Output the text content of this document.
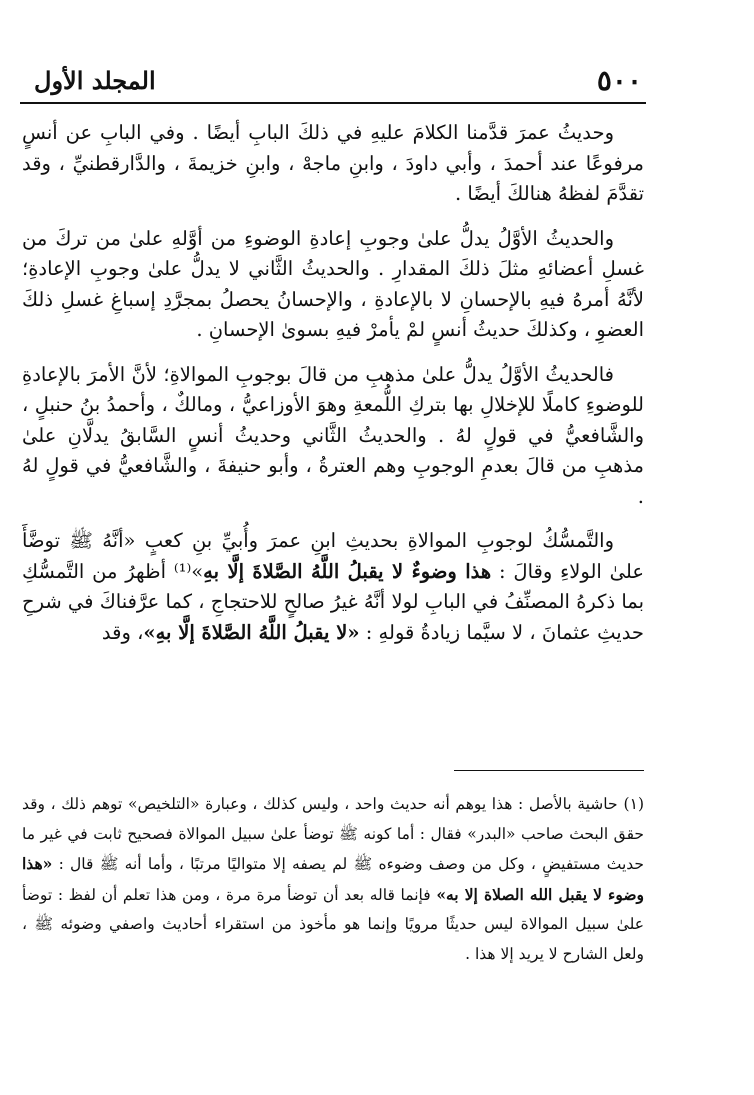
٥٠٠
المجلد الأول

وحديثُ عمرَ قدَّمنا الكلامَ عليهِ في ذلكَ البابِ أيضًا . وفي البابِ عن أنسٍ مرفوعًا عند أحمدَ ، وأبي داودَ ، وابنِ ماجهْ ، وابنِ خزيمةَ ، والدَّارقطنيِّ ، وقد تقدَّمَ لفظهُ هنالكَ أيضًا .

والحديثُ الأوَّلُ يدلُّ علىٰ وجوبِ إعادةِ الوضوءِ من أوَّلهِ علىٰ من تركَ من غسلِ أعضائهِ مثلَ ذلكَ المقدارِ . والحديثُ الثَّاني لا يدلُّ علىٰ وجوبِ الإعادةِ؛ لأنَّهُ أمرهُ فيهِ بالإحسانِ لا بالإعادةِ ، والإحسانُ يحصلُ بمجرَّدِ إسباغِ غسلِ ذلكَ العضوِ ، وكذلكَ حديثُ أنسٍ لمْ يأمرْ فيهِ بسوىٰ الإحسانِ .

فالحديثُ الأوَّلُ يدلُّ علىٰ مذهبِ من قالَ بوجوبِ الموالاةِ؛ لأنَّ الأمرَ بالإعادةِ للوضوءِ كاملًا للإخلالِ بها بتركِ اللُّمعةِ وهوَ الأوزاعيُّ ، ومالكٌ ، وأحمدُ بنُ حنبلٍ ، والشَّافعيُّ في قولٍ لهُ . والحديثُ الثَّاني وحديثُ أنسٍ السَّابقُ يدلَّانِ علىٰ مذهبِ من قالَ بعدمِ الوجوبِ وهم العترةُ ، وأبو حنيفةَ ، والشَّافعيُّ في قولٍ لهُ .

والتَّمسُّكُ لوجوبِ الموالاةِ بحديثِ ابنِ عمرَ وأُبيِّ بنِ كعبٍ «أنَّهُ ﷺ توضَّأَ علىٰ الولاءِ وقالَ : هذا وضوءٌ لا يقبلُ اللَّهُ الصَّلاةَ إلَّا بهِ»⁽¹⁾ أظهرُ من التَّمسُّكِ بما ذكرهُ المصنِّفُ في البابِ لولا أنَّهُ غيرُ صالحٍ للاحتجاجِ ، كما عرَّفناكَ في شرحِ حديثِ عثمانَ ، لا سيَّما زيادةُ قولهِ : «لا يقبلُ اللَّهُ الصَّلاةَ إلَّا بهِ»، وقد

(١)حاشية بالأصل : هذا يوهم أنه حديث واحد ، وليس كذلك ، وعبارة «التلخيص» توهم ذلك ، وقد حقق البحث صاحب «البدر» فقال : أما كونه ﷺ توضأ علىٰ سبيل الموالاة فصحيح ثابت في غير ما حديث مستفيضٍ ، وكل من وصف وضوءه ﷺ لم يصفه إلا متواليًا مرتبًا ، وأما أنه ﷺ قال : «هذا وضوء لا يقبل الله الصلاة إلا به» فإنما قاله بعد أن توضأ مرة مرة ، ومن هذا تعلم أن لفظ : توضأ علىٰ سبيل الموالاة ليس حديثًا مرويًا وإنما هو مأخوذ من استقراء أحاديث واصفي وضوئه ﷺ ، ولعل الشارح لا يريد إلا هذا .
